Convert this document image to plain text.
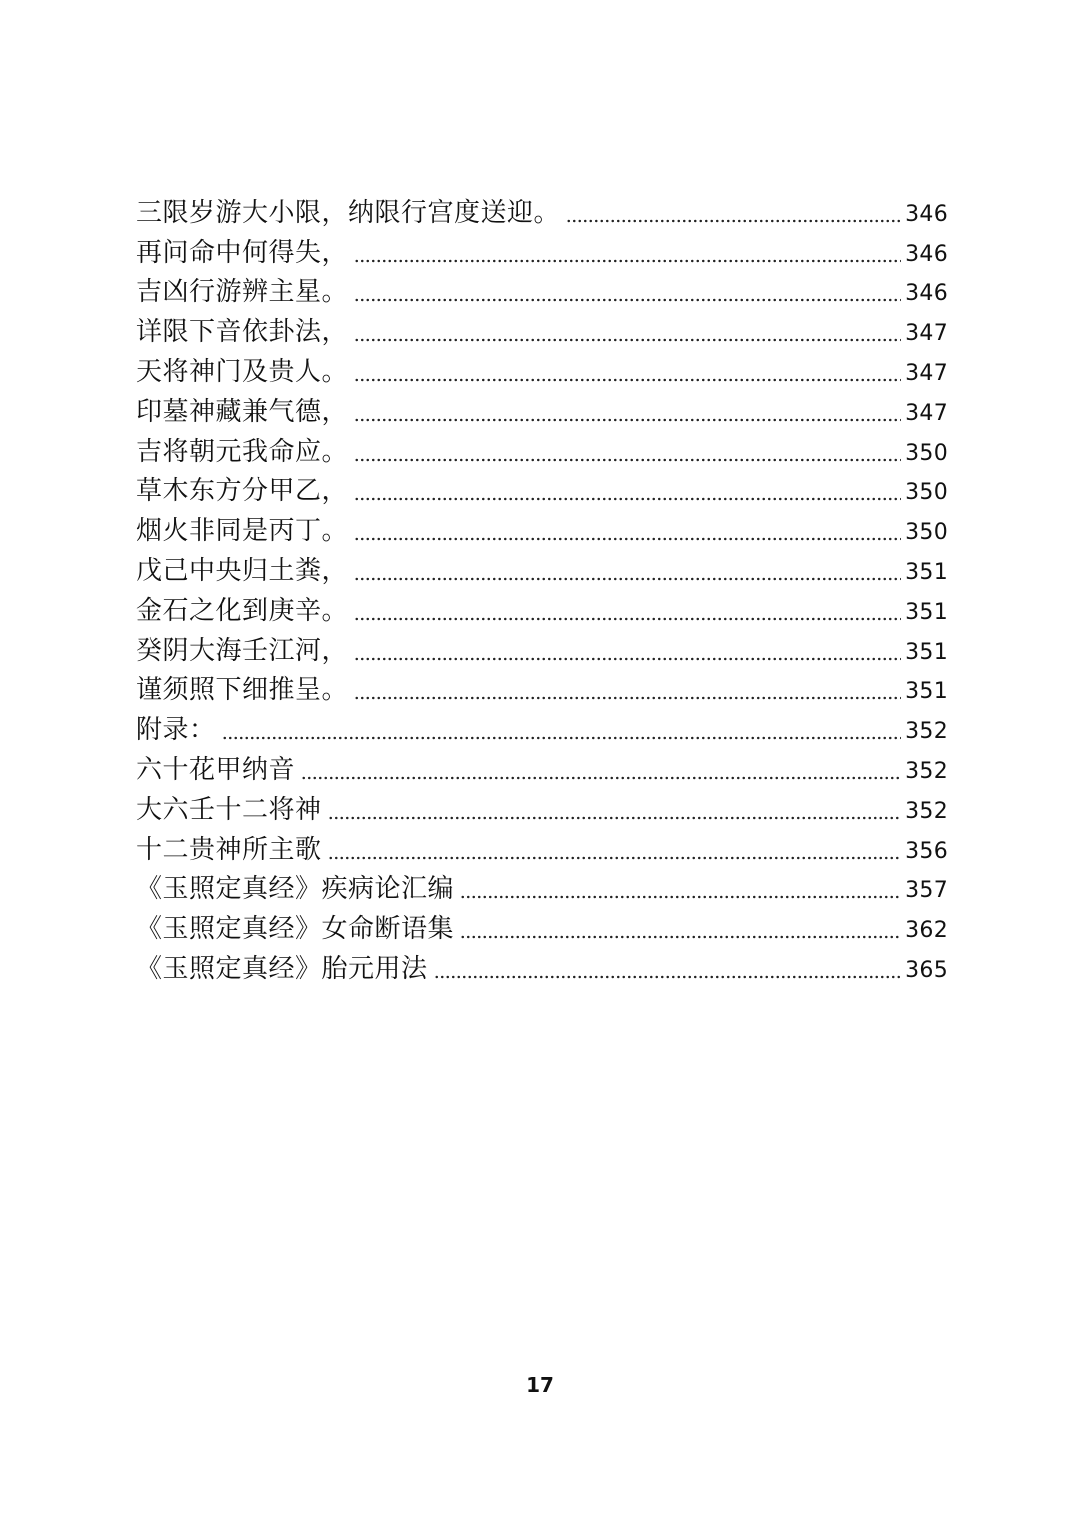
三限岁游大小限，纳限行宫度送迎。	346
再问命中何得失，	346
吉凶行游辨主星。	346
详限下音依卦法，	347
天将神门及贵人。	347
印墓神藏兼气德，	347
吉将朝元我命应。	350
草木东方分甲乙，	350
烟火非同是丙丁。	350
戊己中央归土粪，	351
金石之化到庚辛。	351
癸阴大海壬江河，	351
谨须照下细推呈。	351
附录：	352
六十花甲纳音	352
大六壬十二将神	352
十二贵神所主歌	356
《玉照定真经》疾病论汇编	357
《玉照定真经》女命断语集	362
《玉照定真经》胎元用法	365
17
